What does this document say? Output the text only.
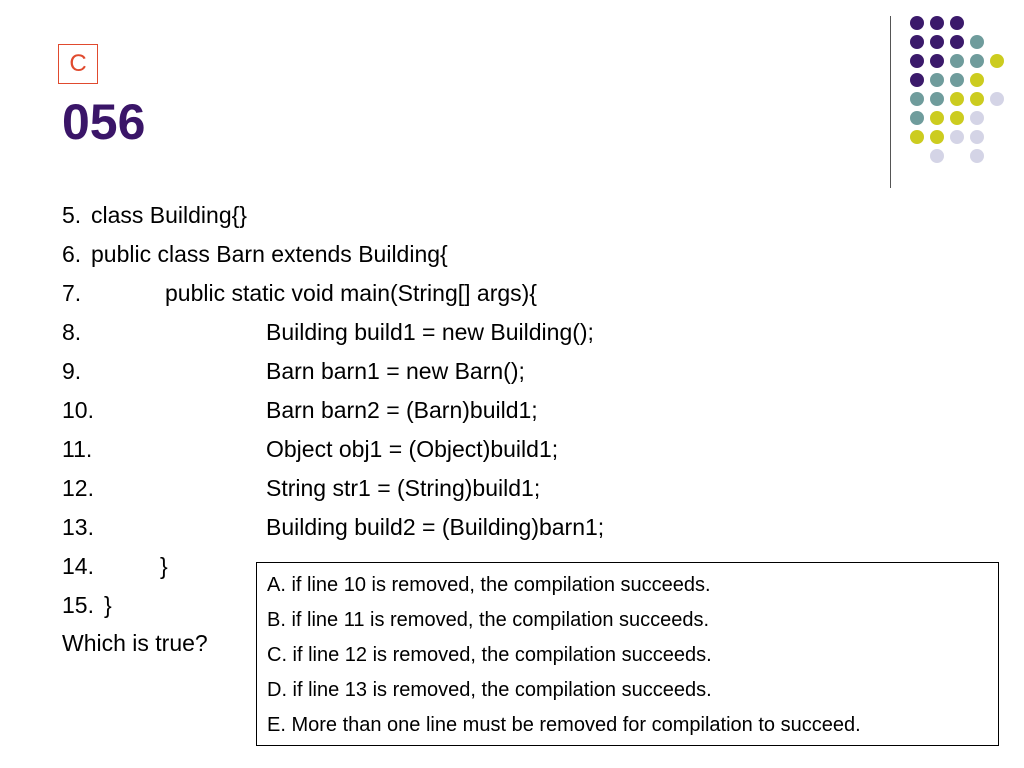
C
056

5.

class Building{}

6.

public class Barn extends Building{

7.

	public static void main(String[] args){

8.

	Building build1 = new Building();

9.

	Barn barn1 = new Barn();

10.

	Barn barn2 = (Barn)build1;

11.

	Object obj1 = (Object)build1;

12.

	String str1 = (String)build1;

13.

	Building build2 = (Building)barn1;

14.

	}

15.

}

Which is true?
A. if line 10 is removed, the compilation succeeds.
B. if line 11 is removed, the compilation succeeds.
C. if line 12 is removed, the compilation succeeds.
D. if line 13 is removed, the compilation succeeds.
E. More than one line must be removed for compilation to succeed.
